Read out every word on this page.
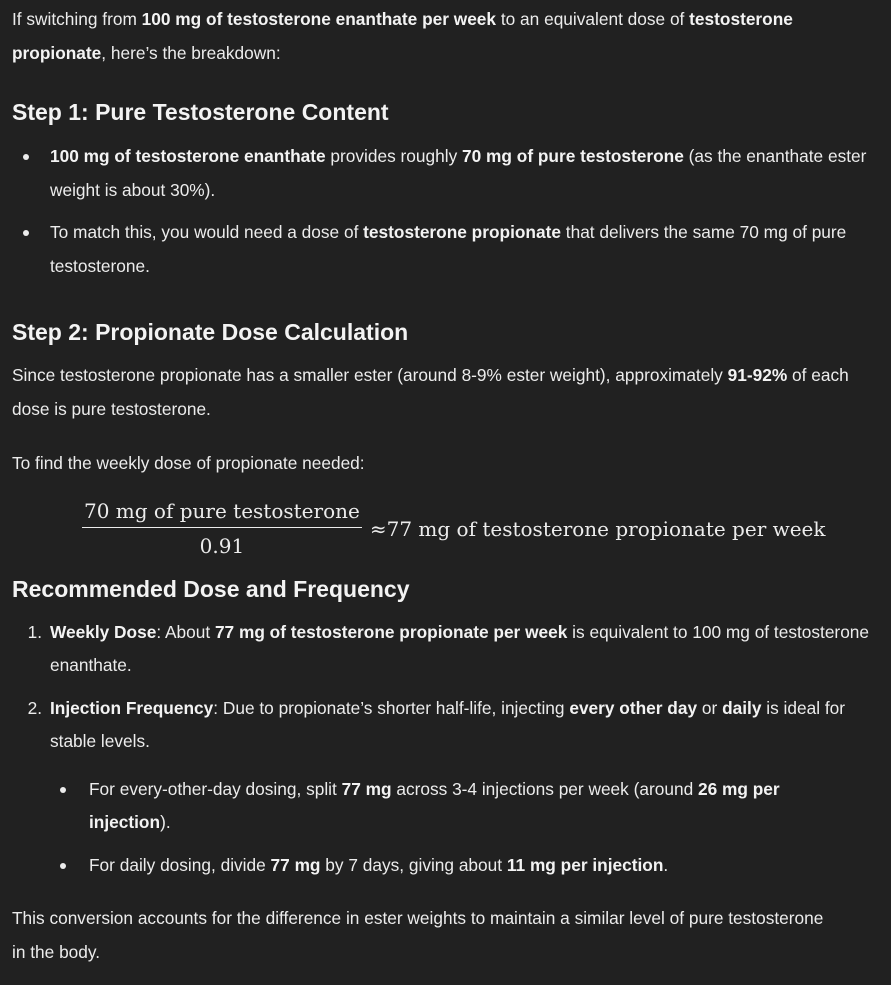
If switching from 100 mg of testosterone enanthate per week to an equivalent dose of testosterone propionate, here’s the breakdown:

Step 1: Pure Testosterone Content
100 mg of testosterone enanthate provides roughly 70 mg of pure testosterone (as the enanthate ester weight is about 30%).
To match this, you would need a dose of testosterone propionate that delivers the same 70 mg of pure testosterone.
Step 2: Propionate Dose Calculation

Since testosterone propionate has a smaller ester (around 8-9% ester weight), approximately 91-92% of each dose is pure testosterone.

To find the weekly dose of propionate needed:

$\frac{\text{70 mg of pure testosterone}}{0.91} \approx 77$ mg of testosterone propionate per week
Recommended Dose and Frequency
1. Weekly Dose: About 77 mg of testosterone propionate per week is equivalent to 100 mg of testosterone enanthate.
2. Injection Frequency: Due to propionate’s shorter half-life, injecting every other day or daily is ideal for stable levels.
For every-other-day dosing, split 77 mg across 3-4 injections per week (around 26 mg per injection).
For daily dosing, divide 77 mg by 7 days, giving about 11 mg per injection.

This conversion accounts for the difference in ester weights to maintain a similar level of pure testosterone in the body.
